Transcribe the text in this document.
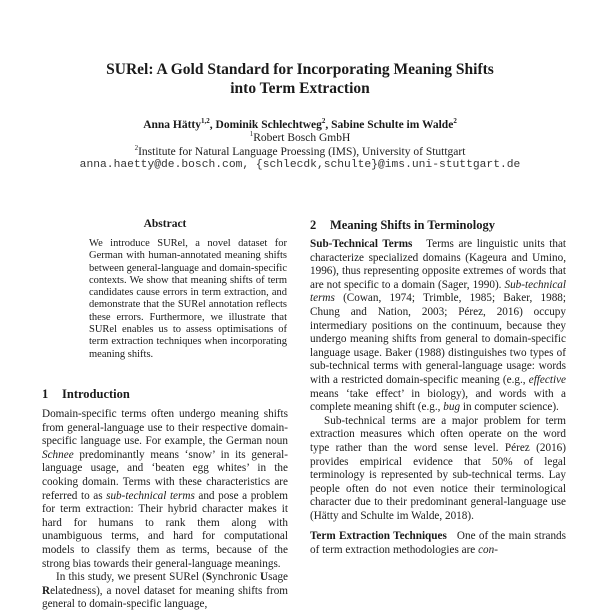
SURel: A Gold Standard for Incorporating Meaning Shifts
into Term Extraction
Anna Hätty$^{1,2}$, Dominik Schlechtweg$^2$, Sabine Schulte im Walde$^2$
$^1$Robert Bosch GmbH
$^2$Institute for Natural Language Proessing (IMS), University of Stuttgart
anna.haetty@de.bosch.com, {schlecdk,schulte}@ims.uni-stuttgart.de
Abstract
We introduce SURel, a novel dataset for German with human-annotated meaning shifts between general-language and domain-specific contexts. We show that meaning shifts of term candidates cause errors in term extraction, and demonstrate that the SURel annotation reflects these errors. Furthermore, we illustrate that SURel enables us to assess optimisations of term extraction techniques when incorporating meaning shifts.
1 Introduction

Domain-specific terms often undergo meaning shifts from general-language use to their respective domain-specific language use. For example, the German noun Schnee predominantly means ‘snow’ in its general-language usage, and ‘beaten egg whites’ in the cooking domain. Terms with these characteristics are referred to as sub-technical terms and pose a problem for term extraction: Their hybrid character makes it hard for humans to rank them along with unambiguous terms, and hard for computational models to classify them as terms, because of the strong bias towards their general-language meanings.

In this study, we present SURel (Synchronic Usage Relatedness), a novel dataset for meaning shifts from general to domain-specific language,

2 Meaning Shifts in Terminology

Sub-Technical Terms Terms are linguistic units that characterize specialized domains (Kageura and Umino, 1996), thus representing opposite extremes of words that are not specific to a domain (Sager, 1990). Sub-technical terms (Cowan, 1974; Trimble, 1985; Baker, 1988; Chung and Nation, 2003; Pérez, 2016) occupy intermediary positions on the continuum, because they undergo meaning shifts from general to domain-specific language usage. Baker (1988) distinguishes two types of sub-technical terms with general-language usage: words with a restricted domain-specific meaning (e.g., effective means ‘take effect’ in biology), and words with a complete meaning shift (e.g., bug in computer science).

Sub-technical terms are a major problem for term extraction measures which often operate on the word type rather than the word sense level. Pérez (2016) provides empirical evidence that 50% of legal terminology is represented by sub-technical terms. Lay people often do not even notice their terminological character due to their predominant general-language use (Hätty and Schulte im Walde, 2018).

Term Extraction Techniques One of the main strands of term extraction methodologies are con-
